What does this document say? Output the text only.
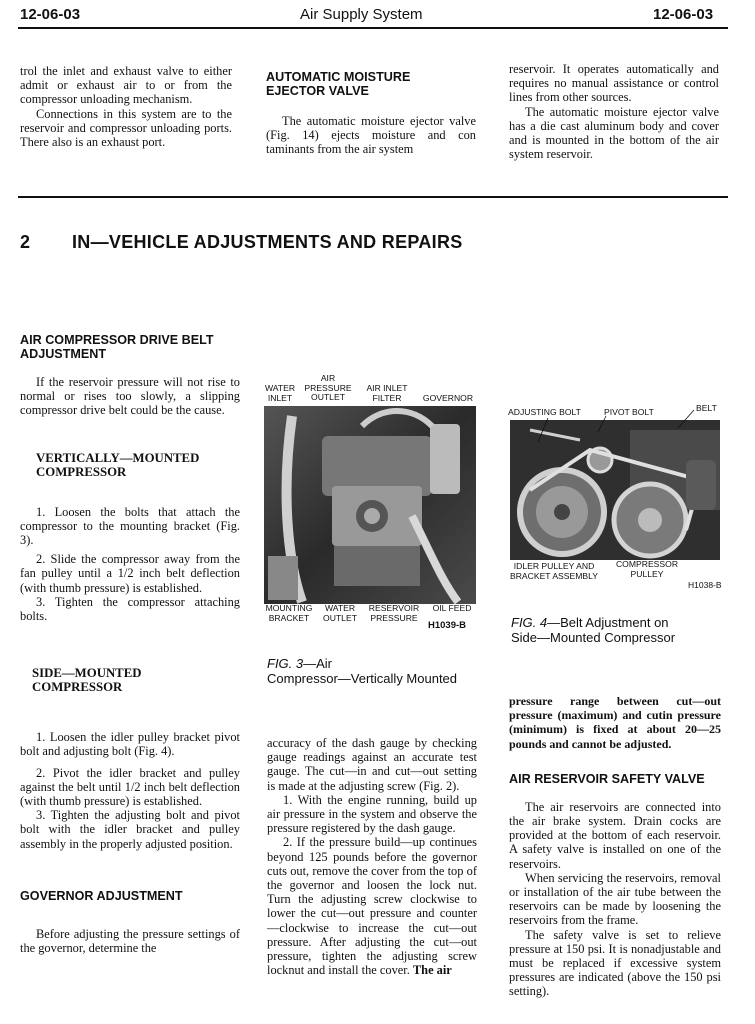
12-06-03	Air Supply System	12-06-03

trol the inlet and exhaust valve to either admit or exhaust air to or from the compressor unloading mechanism.

Connections in this system are to the reservoir and compressor unloading ports. There also is an exhaust port.

AUTOMATIC MOISTURE
EJECTOR VALVE

The automatic moisture ejector valve (Fig. 14) ejects moisture and con taminants from the air system

reservoir. It operates automatically and requires no manual assistance or control lines from other sources.

The automatic moisture ejector valve has a die cast aluminum body and cover and is mounted in the bottom of the air system reservoir.

2 IN—VEHICLE ADJUSTMENTS AND REPAIRS
AIR COMPRESSOR DRIVE BELT
ADJUSTMENT

If the reservoir pressure will not rise to normal or rises too slowly, a slipping compressor drive belt could be the cause.

VERTICALLY—MOUNTED
COMPRESSOR

1. Loosen the bolts that attach the compressor to the mounting bracket (Fig. 3).

2. Slide the compressor away from the fan pulley until a 1/2 inch belt deflection (with thumb pressure) is established.

3. Tighten the compressor attaching bolts.

SIDE—MOUNTED
COMPRESSOR

1. Loosen the idler pulley bracket pivot bolt and adjusting bolt (Fig. 4).

2. Pivot the idler bracket and pulley against the belt until 1/2 inch belt deflection (with thumb pressure) is established.

3. Tighten the adjusting bolt and pivot bolt with the idler bracket and pulley assembly in the properly adjusted position.

GOVERNOR ADJUSTMENT

Before adjusting the pressure settings of the governor, determine the

WATER INLET
AIR PRESSURE OUTLET
AIR INLET FILTER	GOVERNOR
MOUNTING BRACKET
WATER OUTLET
RESERVOIR PRESSURE
OIL FEED
H1039-B
FIG. 3—Air
Compressor—Vertically Mounted
ADJUSTING BOLT	PIVOT BOLT	BELT
IDLER PULLEY AND BRACKET ASSEMBLY
COMPRESSOR PULLEY
H1038-B
FIG. 4—Belt Adjustment on
Side—Mounted Compressor

accuracy of the dash gauge by checking gauge readings against an accurate test gauge. The cut—in and cut—out setting is made at the adjusting screw (Fig. 2).

1. With the engine running, build up air pressure in the system and observe the pressure registered by the dash gauge.

2. If the pressure build—up continues beyond 125 pounds before the governor cuts out, remove the cover from the top of the governor and loosen the lock nut. Turn the adjusting screw clockwise to lower the cut—out pressure and counter—clockwise to increase the cut—out pressure. After adjusting the cut—out pressure, tighten the adjusting screw locknut and install the cover. The air

pressure range between cut—out pressure (maximum) and cutin pressure (minimum) is fixed at about 20—25 pounds and cannot be adjusted.

AIR RESERVOIR SAFETY VALVE

The air reservoirs are connected into the air brake system. Drain cocks are provided at the bottom of each reservoir. A safety valve is installed on one of the reservoirs.

When servicing the reservoirs, removal or installation of the air tube between the reservoirs can be made by loosening the reservoirs from the frame.

The safety valve is set to relieve pressure at 150 psi. It is nonadjustable and must be replaced if excessive system pressures are indicated (above the 150 psi setting).
